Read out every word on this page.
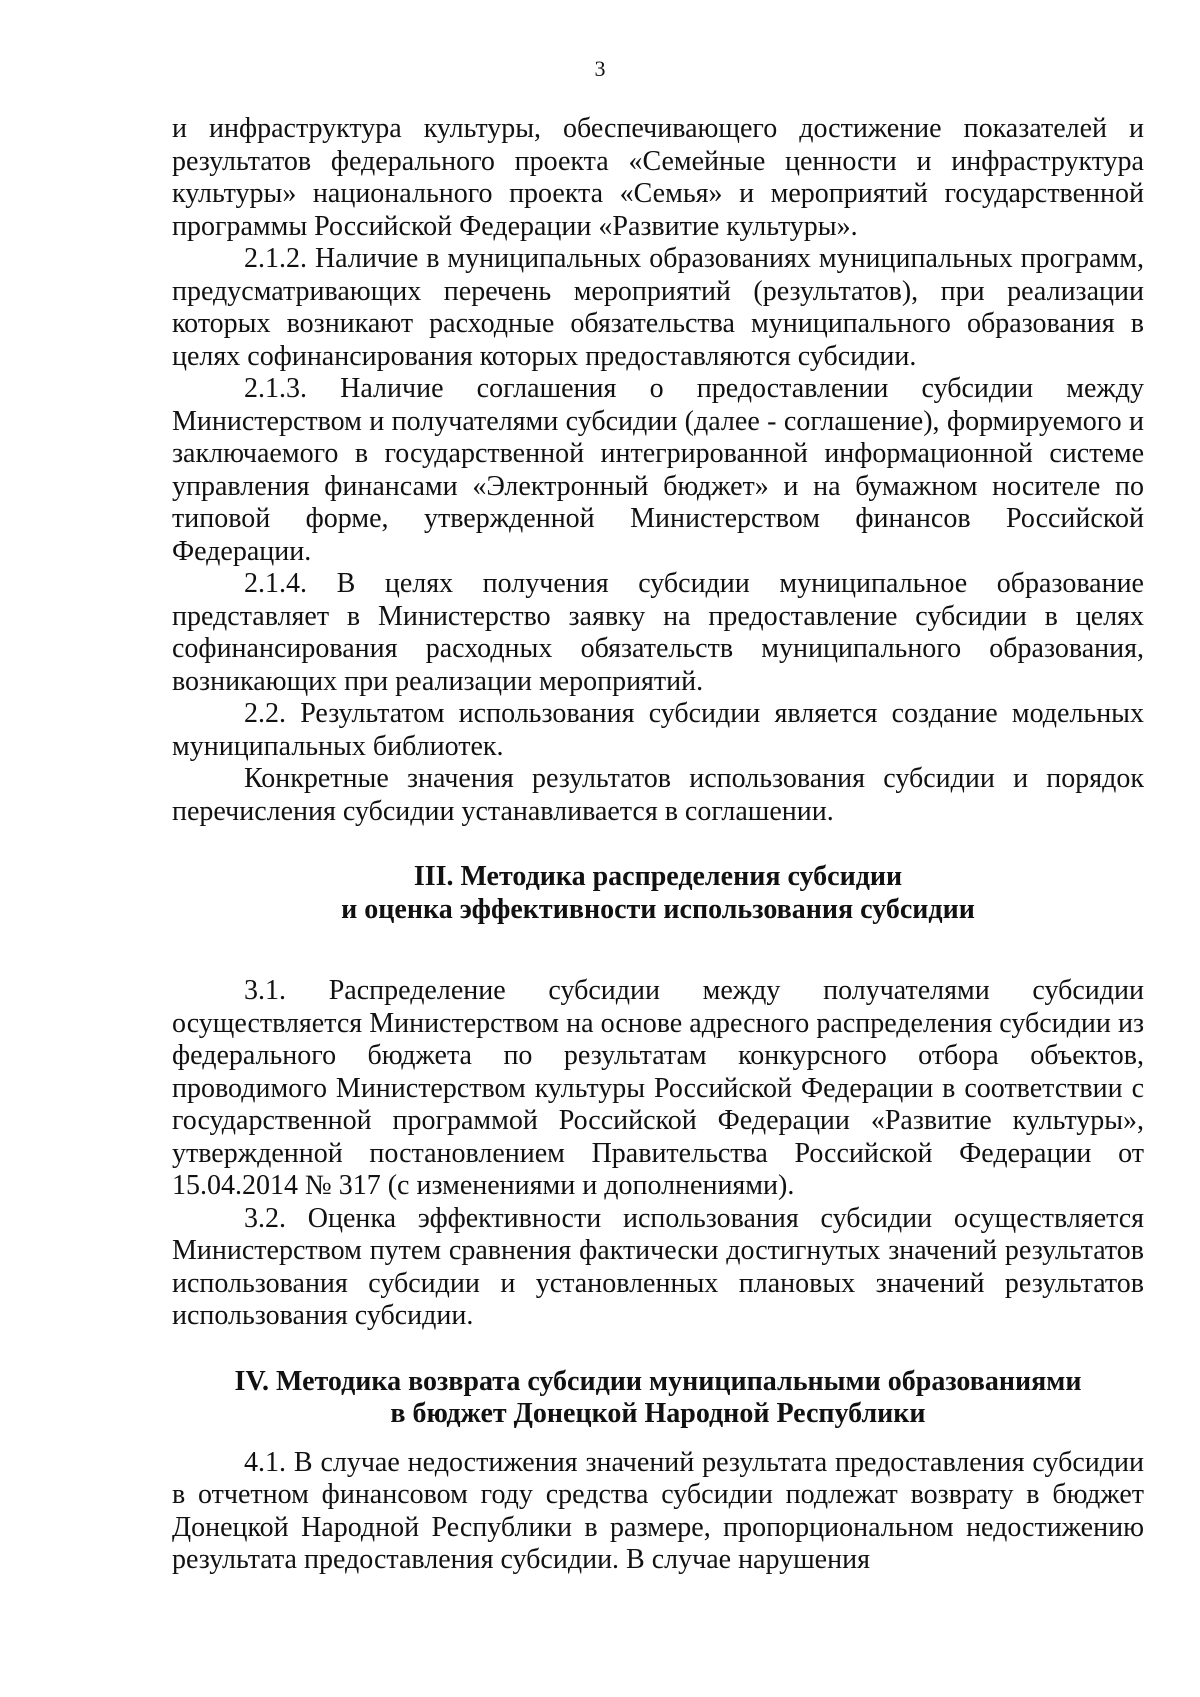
3

и инфраструктура культуры, обеспечивающего достижение показателей и результатов федерального проекта «Семейные ценности и инфраструктура культуры» национального проекта «Семья» и мероприятий государственной программы Российской Федерации «Развитие культуры».

2.1.2. Наличие в муниципальных образованиях муниципальных программ, предусматривающих перечень мероприятий (результатов), при реализации которых возникают расходные обязательства муниципального образования в целях софинансирования которых предоставляются субсидии.

2.1.3. Наличие соглашения о предоставлении субсидии между Министерством и получателями субсидии (далее - соглашение), формируемого и заключаемого в государственной интегрированной информационной системе управления финансами «Электронный бюджет» и на бумажном носителе по типовой форме, утвержденной Министерством финансов Российской Федерации.

2.1.4. В целях получения субсидии муниципальное образование представляет в Министерство заявку на предоставление субсидии в целях софинансирования расходных обязательств муниципального образования, возникающих при реализации мероприятий.

2.2. Результатом использования субсидии является создание модельных муниципальных библиотек.

Конкретные значения результатов использования субсидии и порядок перечисления субсидии устанавливается в соглашении.

III. Методика распределения субсидии
и оценка эффективности использования субсидии

3.1. Распределение субсидии между получателями субсидии осуществляется Министерством на основе адресного распределения субсидии из федерального бюджета по результатам конкурсного отбора объектов, проводимого Министерством культуры Российской Федерации в соответствии с государственной программой Российской Федерации «Развитие культуры», утвержденной постановлением Правительства Российской Федерации от 15.04.2014 № 317 (с изменениями и дополнениями).

3.2. Оценка эффективности использования субсидии осуществляется Министерством путем сравнения фактически достигнутых значений результатов использования субсидии и установленных плановых значений результатов использования субсидии.

IV. Методика возврата субсидии муниципальными образованиями
в бюджет Донецкой Народной Республики

4.1. В случае недостижения значений результата предоставления субсидии в отчетном финансовом году средства субсидии подлежат возврату в бюджет Донецкой Народной Республики в размере, пропорциональном недостижению результата предоставления субсидии. В случае нарушения
